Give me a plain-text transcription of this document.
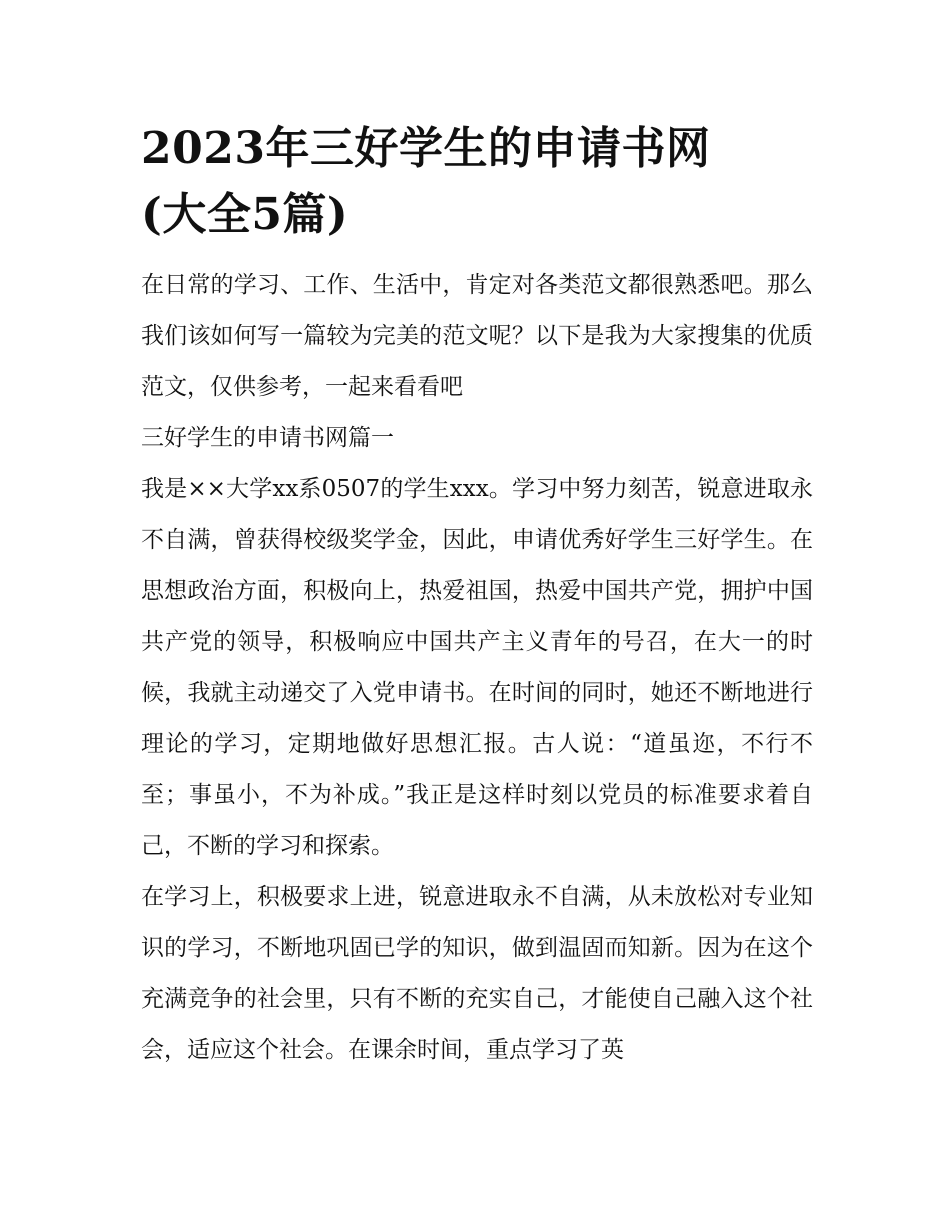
2023年三好学生的申请书网
(大全5篇)

在日常的学习、工作、生活中，肯定对各类范文都很熟悉吧。那么我们该如何写一篇较为完美的范文呢？以下是我为大家搜集的优质范文，仅供参考，一起来看看吧

三好学生的申请书网篇一

我是××大学xx系0507的学生xxx。学习中努力刻苦，锐意进取永不自满，曾获得校级奖学金，因此，申请优秀好学生三好学生。在思想政治方面，积极向上，热爱祖国，热爱中国共产党，拥护中国共产党的领导，积极响应中国共产主义青年的号召，在大一的时候，我就主动递交了入党申请书。在时间的同时，她还不断地进行理论的学习，定期地做好思想汇报。古人说：“道虽迩，不行不至；事虽小，不为补成。”我正是这样时刻以党员的标准要求着自己，不断的学习和探索。

在学习上，积极要求上进，锐意进取永不自满，从未放松对专业知识的学习，不断地巩固已学的知识，做到温固而知新。因为在这个充满竞争的社会里，只有不断的充实自己，才能使自己融入这个社会，适应这个社会。在课余时间，重点学习了英
